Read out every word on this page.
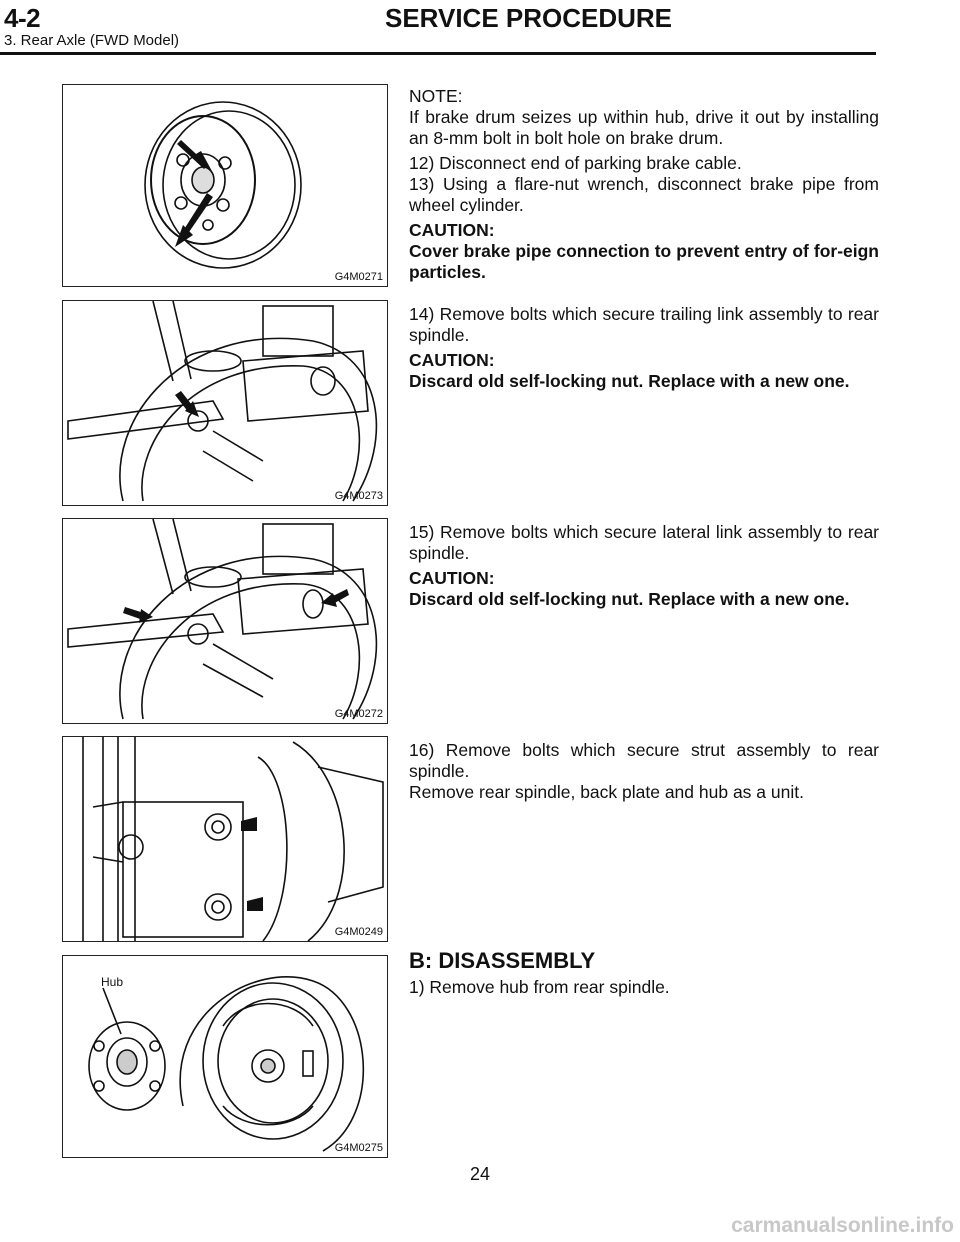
4-2	SERVICE PROCEDURE
3. Rear Axle (FWD Model)
G4M0271
G4M0273
G4M0272
G4M0249
Hub
G4M0275

NOTE:

If brake drum seizes up within hub, drive it out by installing an 8-mm bolt in bolt hole on brake drum.

12) Disconnect end of parking brake cable.

13) Using a flare-nut wrench, disconnect brake pipe from wheel cylinder.

CAUTION:

Cover brake pipe connection to prevent entry of for-eign particles.

14) Remove bolts which secure trailing link assembly to rear spindle.

CAUTION:

Discard old self-locking nut. Replace with a new one.

15) Remove bolts which secure lateral link assembly to rear spindle.

CAUTION:

Discard old self-locking nut. Replace with a new one.

16) Remove bolts which secure strut assembly to rear spindle.

Remove rear spindle, back plate and hub as a unit.

B: DISASSEMBLY

1) Remove hub from rear spindle.

24
carmanualsonline.info
